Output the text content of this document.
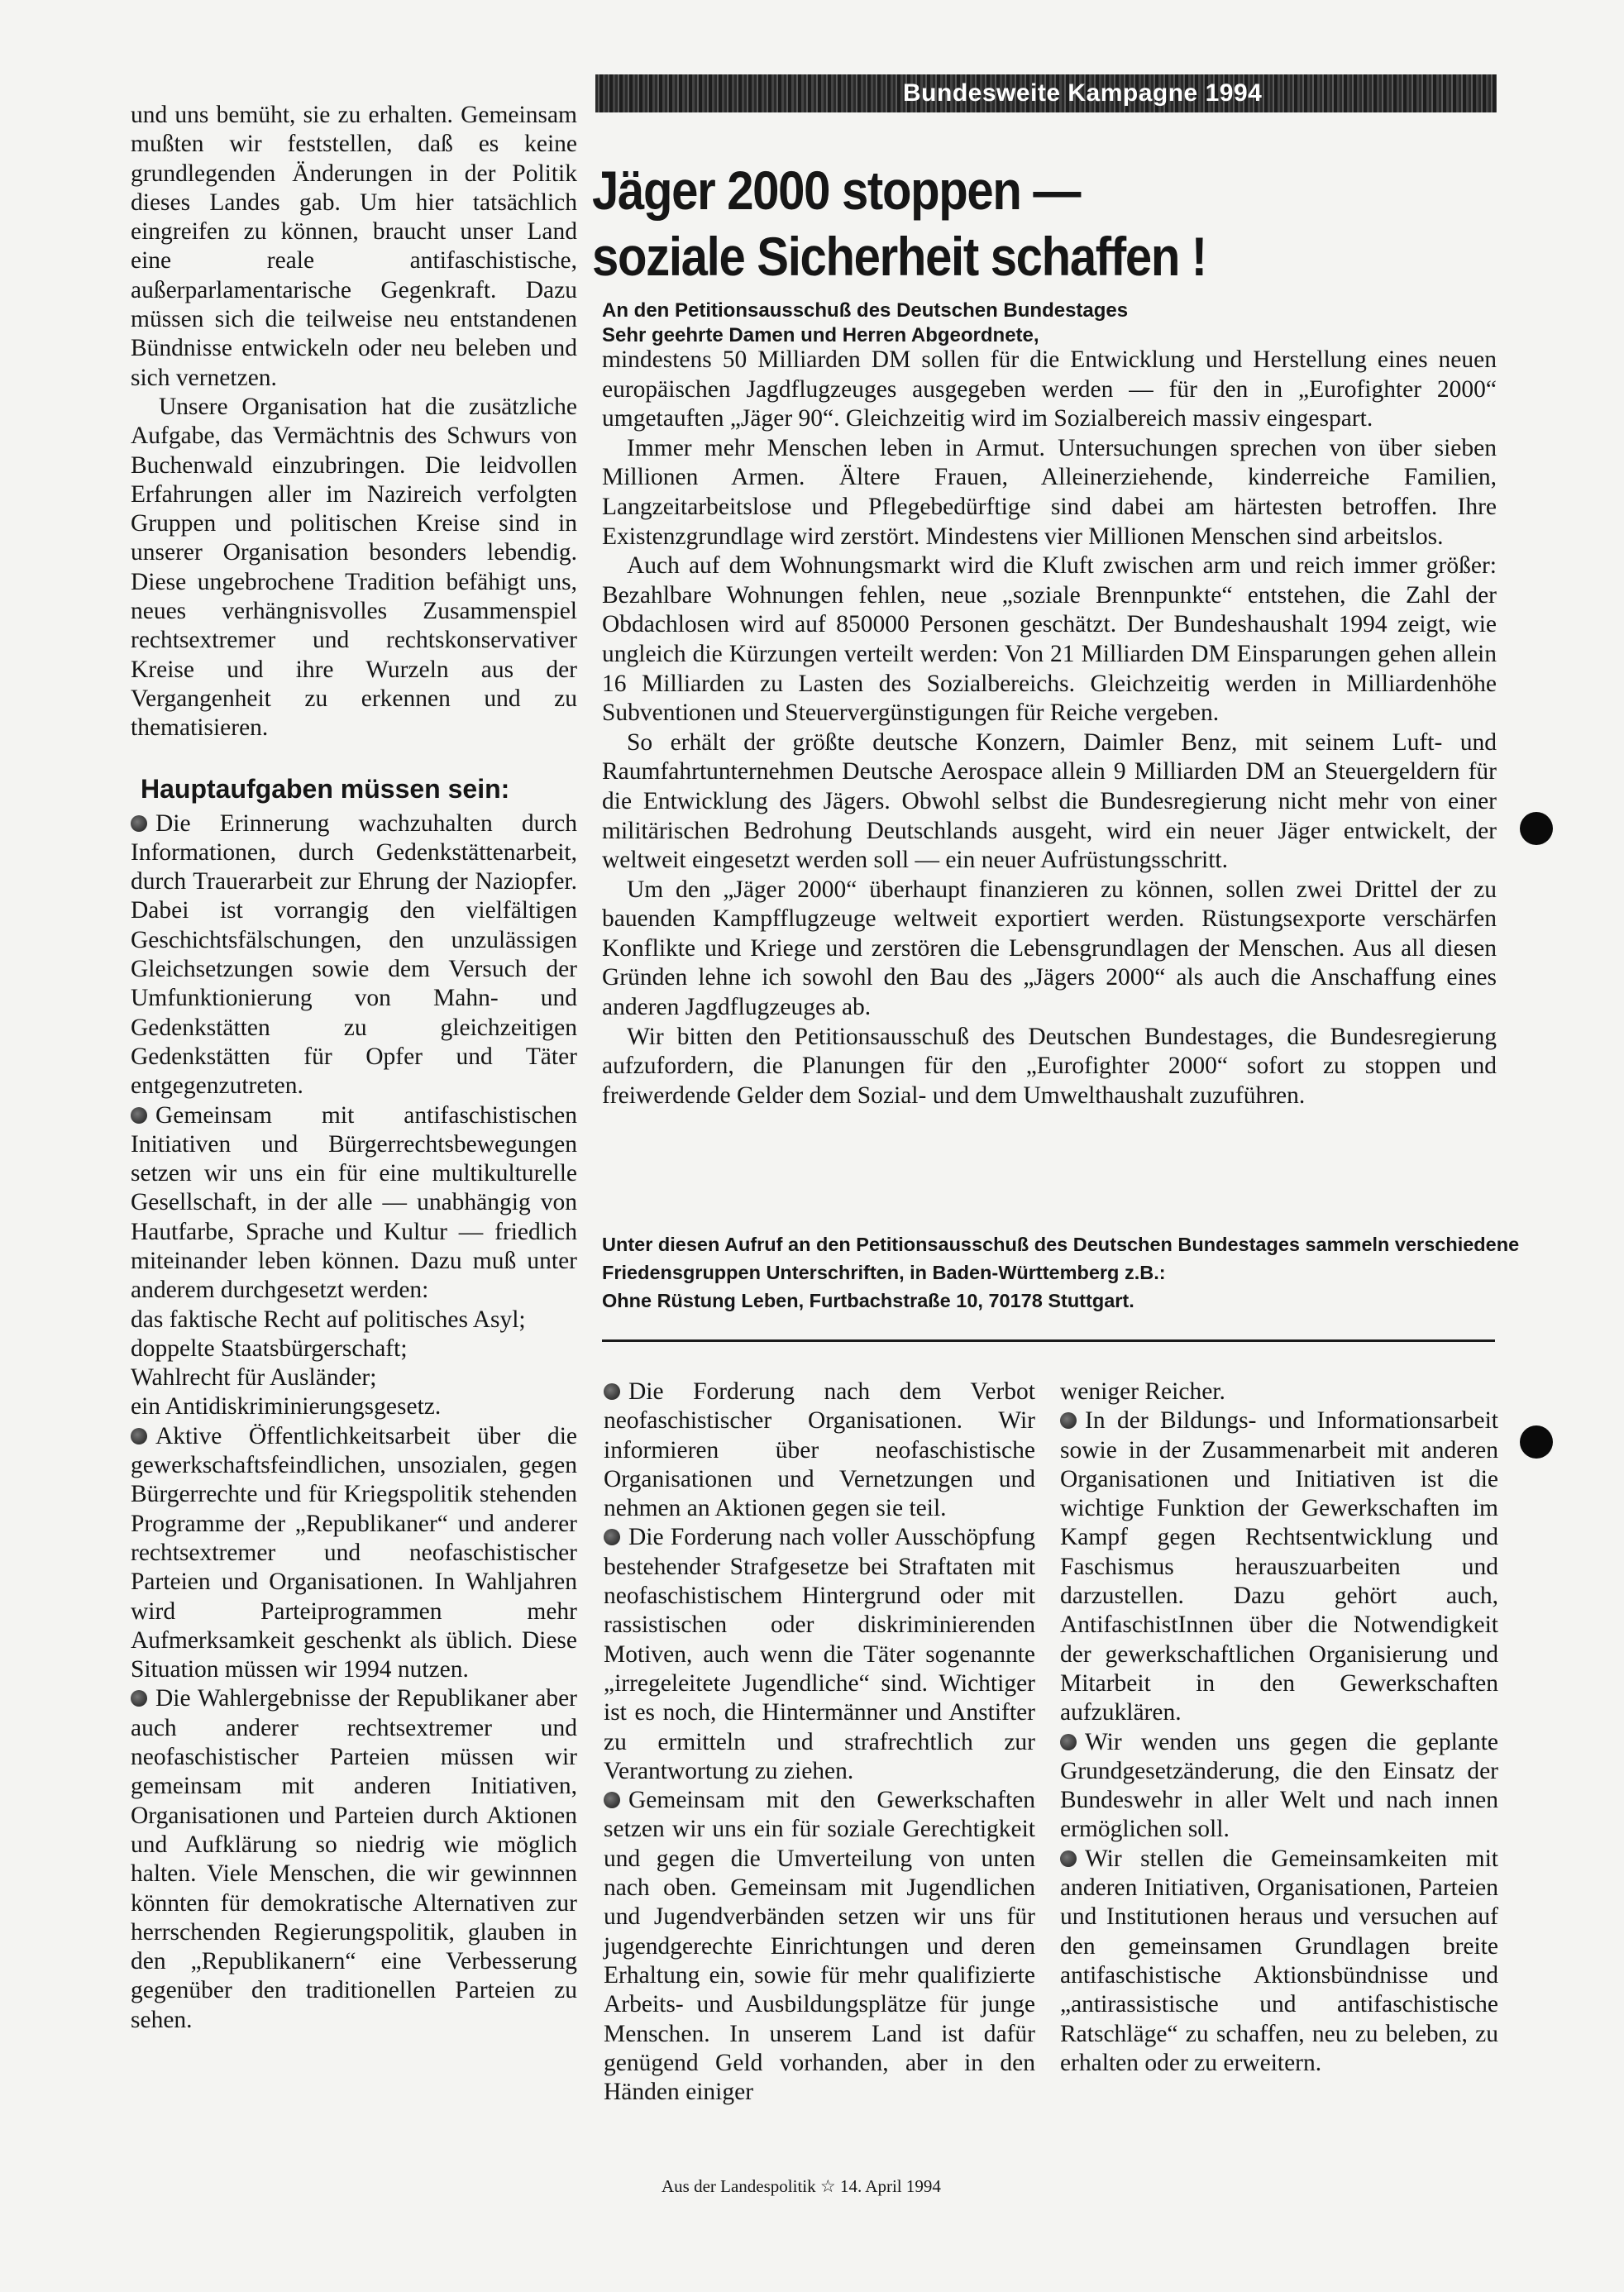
und uns bemüht, sie zu erhalten. Gemeinsam mußten wir feststellen, daß es keine grundlegenden Änderungen in der Politik dieses Landes gab. Um hier tatsächlich eingreifen zu können, braucht unser Land eine reale antifaschistische, außerparlamentarische Gegenkraft. Dazu müssen sich die teilweise neu entstandenen Bündnisse entwickeln oder neu beleben und sich vernetzen.

Unsere Organisation hat die zusätzliche Aufgabe, das Vermächtnis des Schwurs von Buchenwald einzubringen. Die leidvollen Erfahrungen aller im Nazireich verfolgten Gruppen und politischen Kreise sind in unserer Organisation besonders lebendig. Diese ungebrochene Tradition befähigt uns, neues verhängnisvolles Zusammenspiel rechtsextremer und rechtskonservativer Kreise und ihre Wurzeln aus der Vergangenheit zu erkennen und zu thematisieren.

Hauptaufgaben müssen sein:

Die Erinnerung wachzuhalten durch Informationen, durch Gedenkstättenarbeit, durch Trauerarbeit zur Ehrung der Naziopfer. Dabei ist vorrangig den vielfältigen Geschichtsfälschungen, den unzulässigen Gleichsetzungen sowie dem Versuch der Umfunktionierung von Mahn- und Gedenkstätten zu gleichzeitigen Gedenkstätten für Opfer und Täter entgegenzutreten.

Gemeinsam mit antifaschistischen Initiativen und Bürgerrechtsbewegungen setzen wir uns ein für eine multikulturelle Gesellschaft, in der alle — unabhängig von Hautfarbe, Sprache und Kultur — friedlich miteinander leben können. Dazu muß unter anderem durchgesetzt werden:

das faktische Recht auf politisches Asyl;
doppelte Staatsbürgerschaft;
Wahlrecht für Ausländer;
ein Antidiskriminierungsgesetz.

Aktive Öffentlichkeitsarbeit über die gewerkschaftsfeindlichen, unsozialen, gegen Bürgerrechte und für Kriegspolitik stehenden Programme der „Republikaner“ und anderer rechtsextremer und neofaschistischer Parteien und Organisationen. In Wahljahren wird Parteiprogrammen mehr Aufmerksamkeit geschenkt als üblich. Diese Situation müssen wir 1994 nutzen.

Die Wahlergebnisse der Republikaner aber auch anderer rechtsextremer und neofaschistischer Parteien müssen wir gemeinsam mit anderen Initiativen, Organisationen und Parteien durch Aktionen und Aufklärung so niedrig wie möglich halten. Viele Menschen, die wir gewinnnen könnten für demokratische Alternativen zur herrschenden Regierungspolitik, glauben in den „Republikanern“ eine Verbesserung gegenüber den traditionellen Parteien zu sehen.

Bundesweite Kampagne 1994
Jäger 2000 stoppen —
soziale Sicherheit schaffen !
An den Petitionsausschuß des Deutschen Bundestages
Sehr geehrte Damen und Herren Abgeordnete,

mindestens 50 Milliarden DM sollen für die Entwicklung und Herstellung eines neuen europäischen Jagdflugzeuges ausgegeben werden — für den in „Eurofighter 2000“ umgetauften „Jäger 90“. Gleichzeitig wird im Sozialbereich massiv eingespart.

Immer mehr Menschen leben in Armut. Untersuchungen sprechen von über sieben Millionen Armen. Ältere Frauen, Alleinerziehende, kinderreiche Familien, Langzeitarbeitslose und Pflegebedürftige sind dabei am härtesten betroffen. Ihre Existenzgrundlage wird zerstört. Mindestens vier Millionen Menschen sind arbeitslos.

Auch auf dem Wohnungsmarkt wird die Kluft zwischen arm und reich immer größer: Bezahlbare Wohnungen fehlen, neue „soziale Brennpunkte“ entstehen, die Zahl der Obdachlosen wird auf 850000 Personen geschätzt. Der Bundeshaushalt 1994 zeigt, wie ungleich die Kürzungen verteilt werden: Von 21 Milliarden DM Einsparungen gehen allein 16 Milliarden zu Lasten des Sozialbereichs. Gleichzeitig werden in Milliardenhöhe Subventionen und Steuervergünstigungen für Reiche vergeben.

So erhält der größte deutsche Konzern, Daimler Benz, mit seinem Luft- und Raumfahrtunternehmen Deutsche Aerospace allein 9 Milliarden DM an Steuergeldern für die Entwicklung des Jägers. Obwohl selbst die Bundesregierung nicht mehr von einer militärischen Bedrohung Deutschlands ausgeht, wird ein neuer Jäger entwickelt, der weltweit eingesetzt werden soll — ein neuer Aufrüstungsschritt.

Um den „Jäger 2000“ überhaupt finanzieren zu können, sollen zwei Drittel der zu bauenden Kampfflugzeuge weltweit exportiert werden. Rüstungsexporte verschärfen Konflikte und Kriege und zerstören die Lebensgrundlagen der Menschen. Aus all diesen Gründen lehne ich sowohl den Bau des „Jägers 2000“ als auch die Anschaffung eines anderen Jagdflugzeuges ab.

Wir bitten den Petitionsausschuß des Deutschen Bundestages, die Bundesregierung aufzufordern, die Planungen für den „Eurofighter 2000“ sofort zu stoppen und freiwerdende Gelder dem Sozial- und dem Umwelthaushalt zuzuführen.

Unter diesen Aufruf an den Petitionsausschuß des Deutschen Bundestages sammeln verschiedene
Friedensgruppen Unterschriften, in Baden-Württemberg z.B.:
Ohne Rüstung Leben, Furtbachstraße 10, 70178 Stuttgart.

Die Forderung nach dem Verbot neofaschistischer Organisationen. Wir informieren über neofaschistische Organisationen und Vernetzungen und nehmen an Aktionen gegen sie teil.

Die Forderung nach voller Ausschöpfung bestehender Strafgesetze bei Straftaten mit neofaschistischem Hintergrund oder mit rassistischen oder diskriminierenden Motiven, auch wenn die Täter sogenannte „irregeleitete Jugendliche“ sind. Wichtiger ist es noch, die Hintermänner und Anstifter zu ermitteln und strafrechtlich zur Verantwortung zu ziehen.

Gemeinsam mit den Gewerkschaften setzen wir uns ein für soziale Gerechtigkeit und gegen die Umverteilung von unten nach oben. Gemeinsam mit Jugendlichen und Jugendverbänden setzen wir uns für jugendgerechte Einrichtungen und deren Erhaltung ein, sowie für mehr qualifizierte Arbeits- und Ausbildungsplätze für junge Menschen. In unserem Land ist dafür genügend Geld vorhanden, aber in den Händen einiger

weniger Reicher.

In der Bildungs- und Informationsarbeit sowie in der Zusammenarbeit mit anderen Organisationen und Initiativen ist die wichtige Funktion der Gewerkschaften im Kampf gegen Rechtsentwicklung und Faschismus herauszuarbeiten und darzustellen. Dazu gehört auch, AntifaschistInnen über die Notwendigkeit der gewerkschaftlichen Organisierung und Mitarbeit in den Gewerkschaften aufzuklären.

Wir wenden uns gegen die geplante Grundgesetzänderung, die den Einsatz der Bundeswehr in aller Welt und nach innen ermöglichen soll.

Wir stellen die Gemeinsamkeiten mit anderen Initiativen, Organisationen, Parteien und Institutionen heraus und versuchen auf den gemeinsamen Grundlagen breite antifaschistische Aktionsbündnisse und „antirassistische und antifaschistische Ratschläge“ zu schaffen, neu zu beleben, zu erhalten oder zu erweitern.

Aus der Landespolitik ☆ 14. April 1994
